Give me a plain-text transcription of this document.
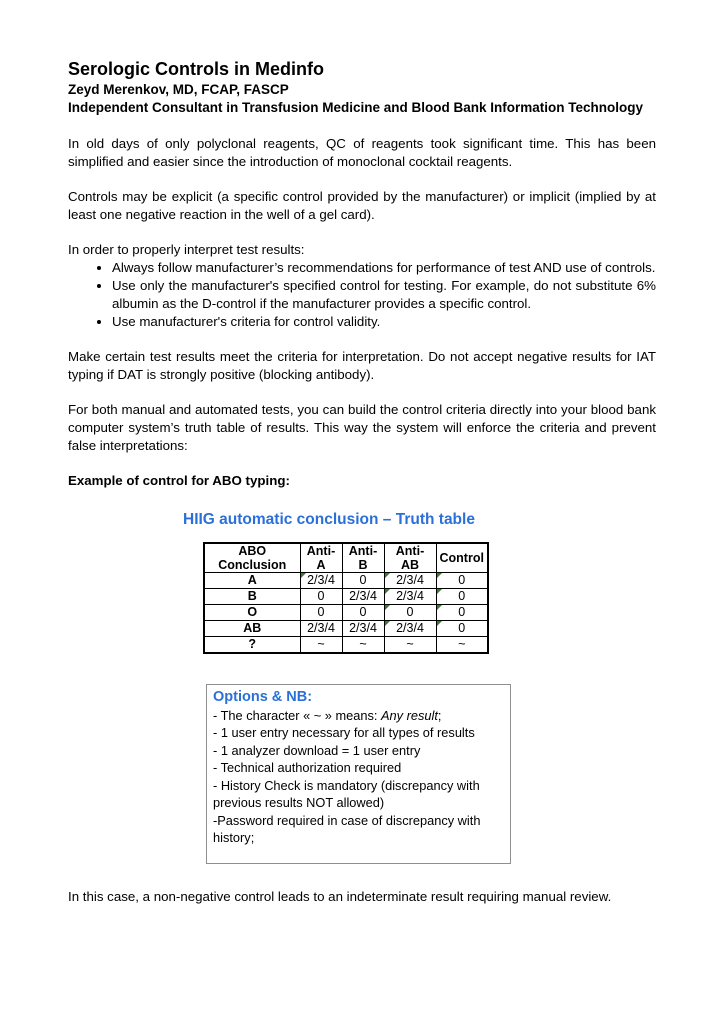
Serologic Controls in Medinfo

Zeyd Merenkov, MD, FCAP, FASCP

Independent Consultant in Transfusion Medicine and Blood Bank Information Technology

In old days of only polyclonal reagents, QC of reagents took significant time. This has been simplified and easier since the introduction of monoclonal cocktail reagents.

Controls may be explicit (a specific control provided by the manufacturer) or implicit (implied by at least one negative reaction in the well of a gel card).

In order to properly interpret test results:

• Always follow manufacturer’s recommendations for performance of test AND use of controls.
• Use only the manufacturer's specified control for testing. For example, do not substitute 6% albumin as the D-control if the manufacturer provides a specific control.
• Use manufacturer's criteria for control validity.

Make certain test results meet the criteria for interpretation. Do not accept negative results for IAT typing if DAT is strongly positive (blocking antibody).

For both manual and automated tests, you can build the control criteria directly into your blood bank computer system’s truth table of results. This way the system will enforce the criteria and prevent false interpretations:

Example of control for ABO typing:

HIIG automatic conclusion – Truth table
ABO Conclusion	Anti-A	Anti-B	Anti-AB	Control
A	2/3/4	0	2/3/4	0
B	0	2/3/4	2/3/4	0
O	0	0	0	0
AB	2/3/4	2/3/4	2/3/4	0
?	~	~	~	~

Options & NB:

- The character « ~ » means: Any result;

- 1 user entry necessary for all types of results

- 1 analyzer download = 1 user entry

- Technical authorization required

- History Check is mandatory (discrepancy with previous results NOT allowed)

-Password required in case of discrepancy with history;

In this case, a non-negative control leads to an indeterminate result requiring manual review.
